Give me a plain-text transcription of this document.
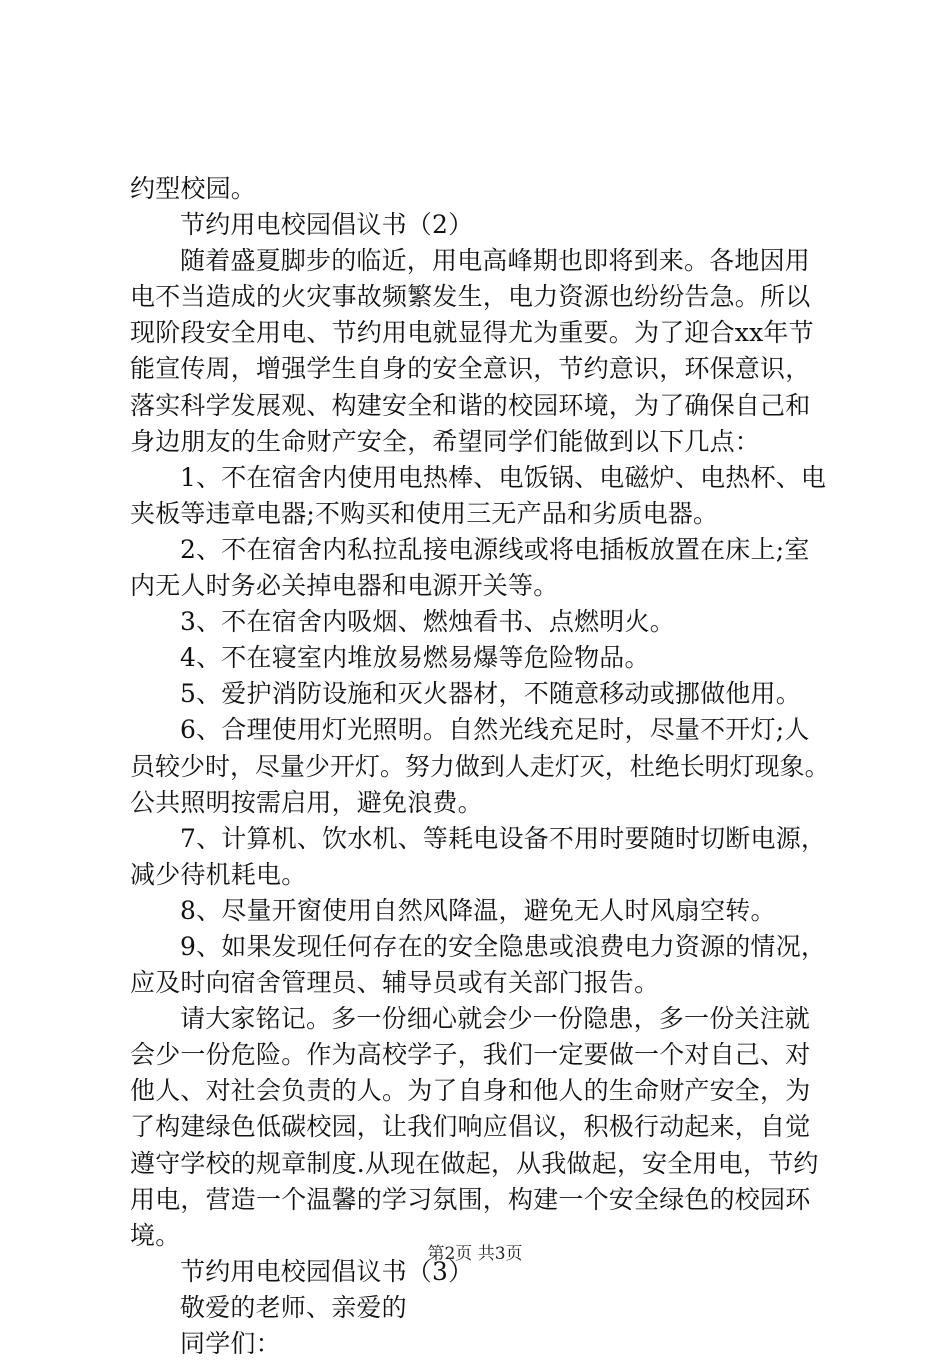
约型校园。
节约用电校园倡议书（2）
随着盛夏脚步的临近，用电高峰期也即将到来。各地因用
电不当造成的火灾事故频繁发生，电力资源也纷纷告急。所以
现阶段安全用电、节约用电就显得尤为重要。为了迎合xx年节
能宣传周，增强学生自身的安全意识，节约意识，环保意识，
落实科学发展观、构建安全和谐的校园环境，为了确保自己和
身边朋友的生命财产安全，希望同学们能做到以下几点：
1、不在宿舍内使用电热棒、电饭锅、电磁炉、电热杯、电
夹板等违章电器;不购买和使用三无产品和劣质电器。
2、不在宿舍内私拉乱接电源线或将电插板放置在床上;室
内无人时务必关掉电器和电源开关等。
3、不在宿舍内吸烟、燃烛看书、点燃明火。
4、不在寝室内堆放易燃易爆等危险物品。
5、爱护消防设施和灭火器材，不随意移动或挪做他用。
6、合理使用灯光照明。自然光线充足时，尽量不开灯;人
员较少时，尽量少开灯。努力做到人走灯灭，杜绝长明灯现象。
公共照明按需启用，避免浪费。
7、计算机、饮水机、等耗电设备不用时要随时切断电源，
减少待机耗电。
8、尽量开窗使用自然风降温，避免无人时风扇空转。
9、如果发现任何存在的安全隐患或浪费电力资源的情况，
应及时向宿舍管理员、辅导员或有关部门报告。
请大家铭记。多一份细心就会少一份隐患，多一份关注就
会少一份危险。作为高校学子，我们一定要做一个对自己、对
他人、对社会负责的人。为了自身和他人的生命财产安全，为
了构建绿色低碳校园，让我们响应倡议，积极行动起来，自觉
遵守学校的规章制度.从现在做起，从我做起，安全用电，节约
用电，营造一个温馨的学习氛围，构建一个安全绿色的校园环
境。
节约用电校园倡议书（3）
敬爱的老师、亲爱的
同学们：
第2页 共3页
